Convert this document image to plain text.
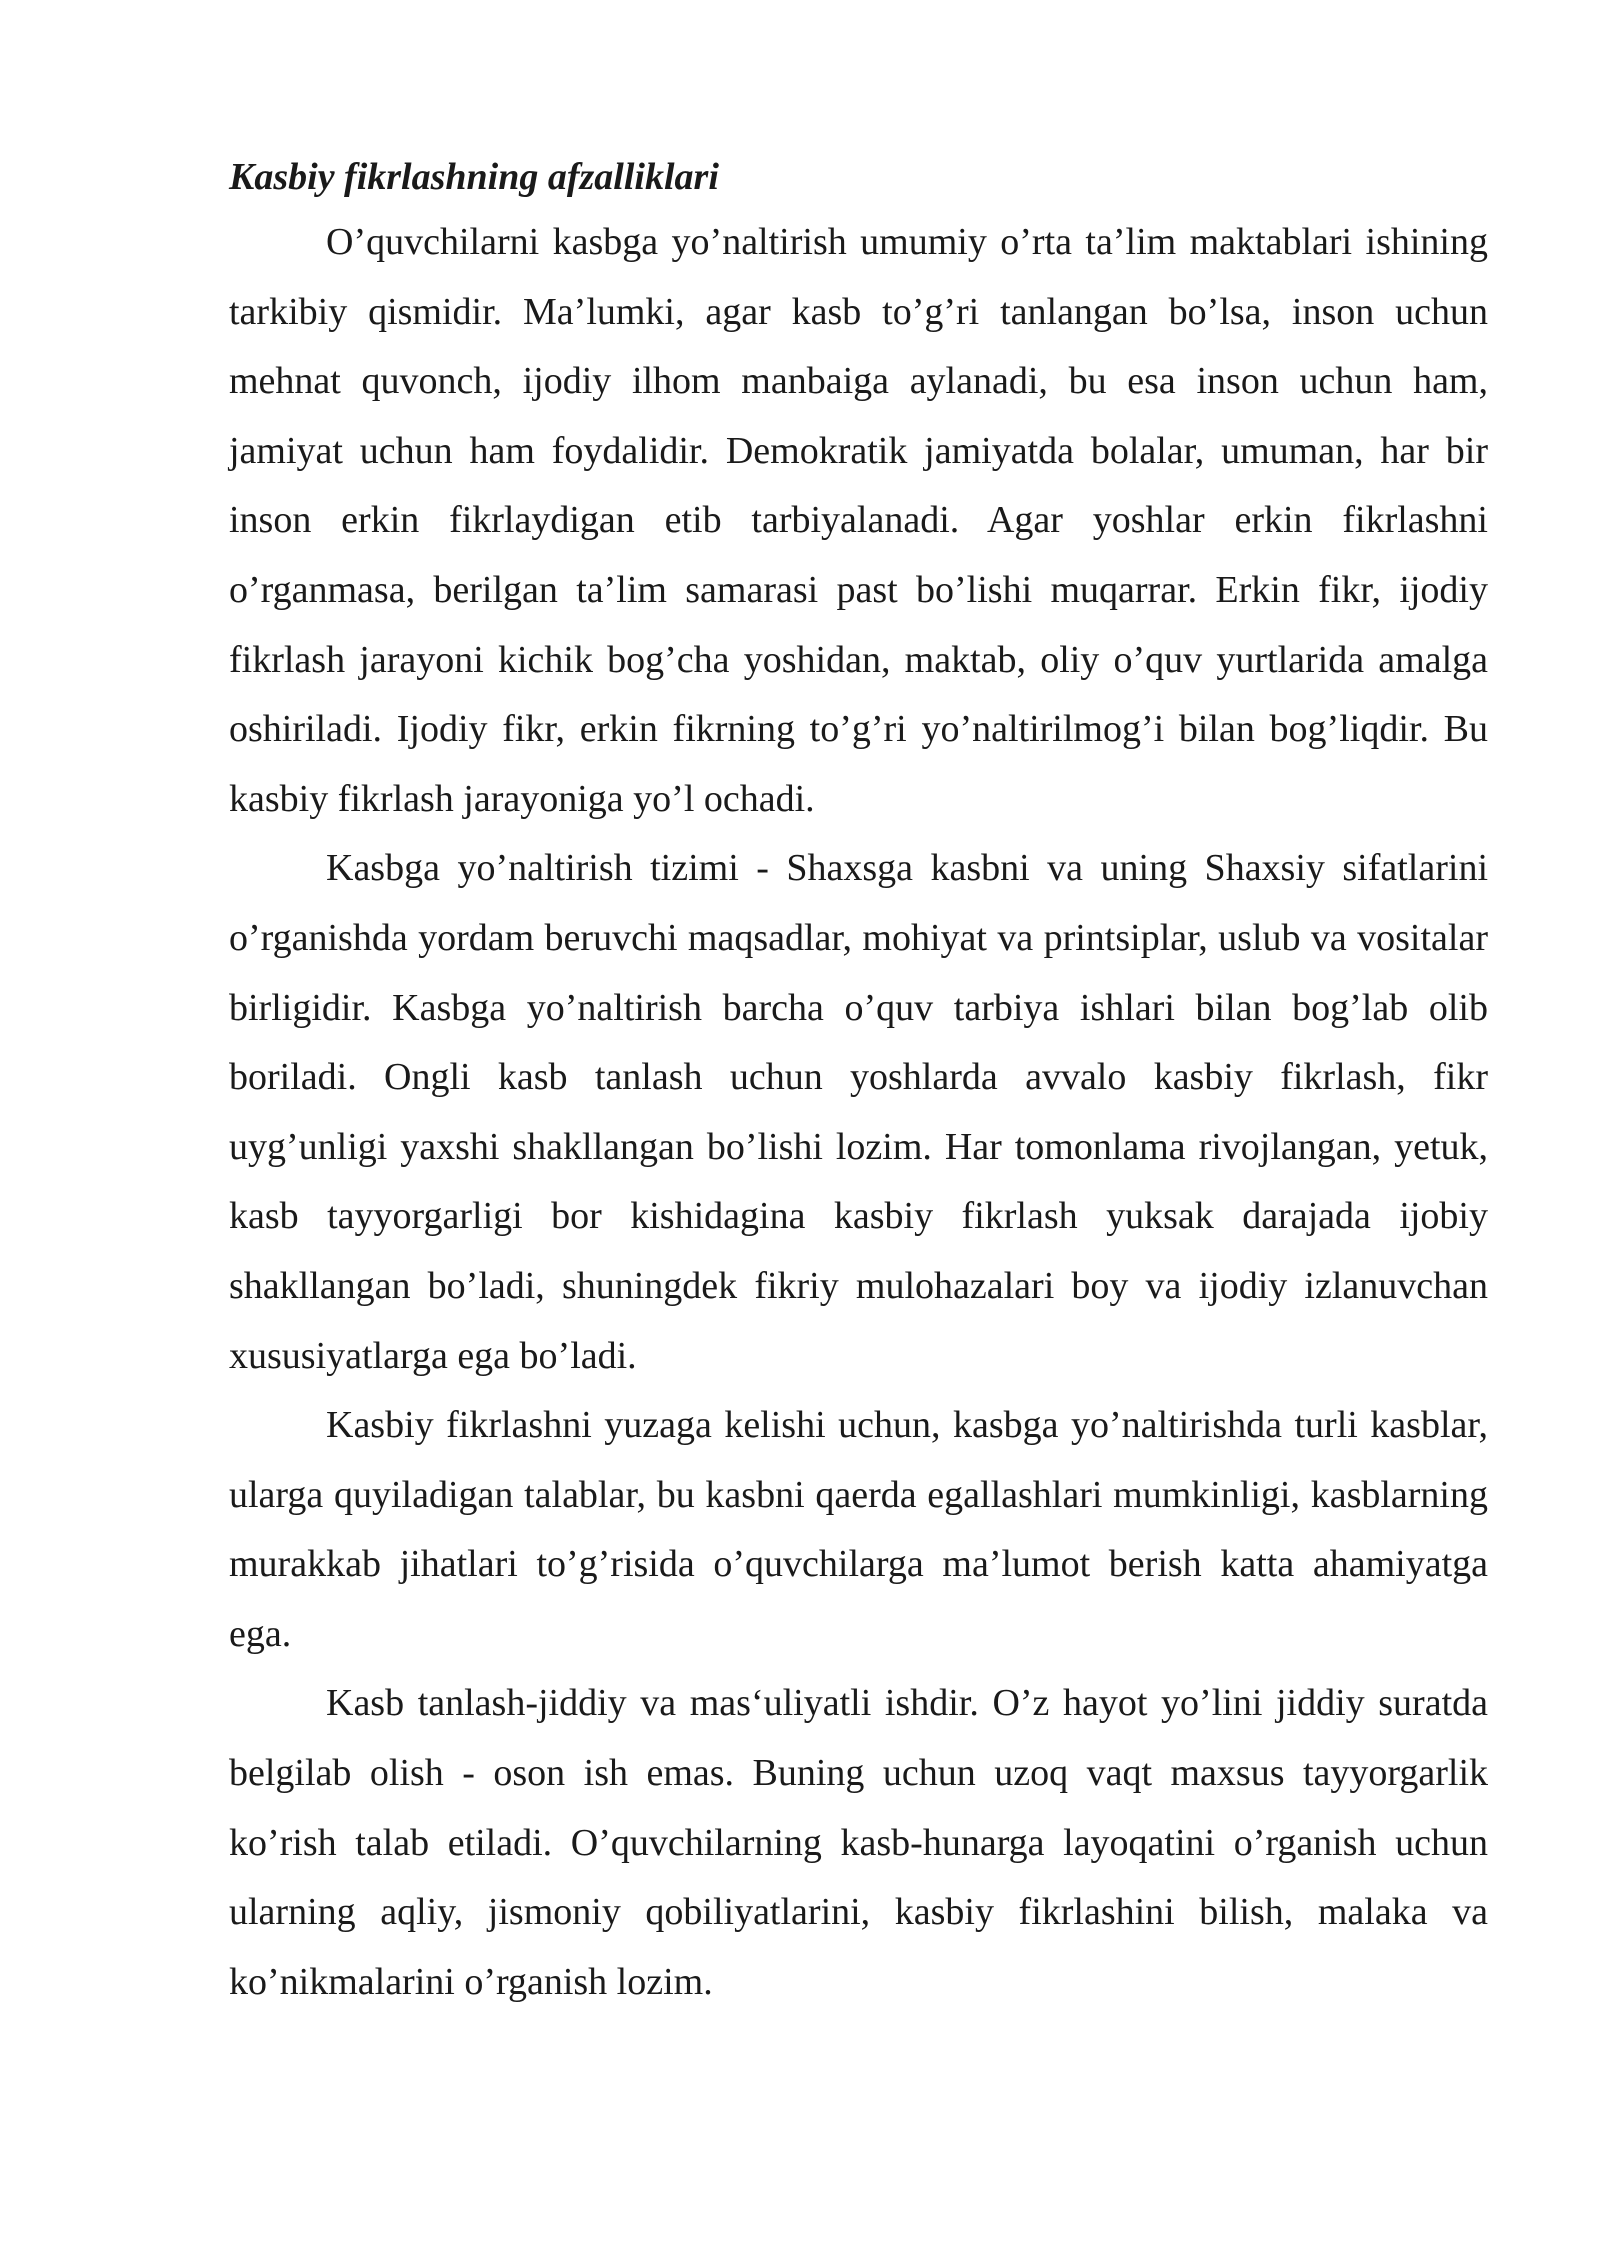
Kasbiy fikrlashning afzalliklari

O’quvchilarni kasbga yo’naltirish umumiy o’rta ta’lim maktablari ishining tarkibiy qismidir. Ma’lumki, agar kasb to’g’ri tanlangan bo’lsa, inson uchun mehnat quvonch, ijodiy ilhom manbaiga aylanadi, bu esa inson uchun ham, jamiyat uchun ham foydalidir. Demokratik jamiyatda bolalar, umuman, har bir inson erkin fikrlaydigan etib tarbiyalanadi. Agar yoshlar erkin fikrlashni o’rganmasa, berilgan ta’lim samarasi past bo’lishi muqarrar. Erkin fikr, ijodiy fikrlash jarayoni kichik bog’cha yoshidan, maktab, oliy o’quv yurtlarida amalga oshiriladi. Ijodiy fikr, erkin fikrning to’g’ri yo’naltirilmog’i bilan bog’liqdir. Bu kasbiy fikrlash jarayoniga yo’l ochadi.

Kasbga yo’naltirish tizimi - Shaxsga kasbni va uning Shaxsiy sifatlarini o’rganishda yordam beruvchi maqsadlar, mohiyat va printsiplar, uslub va vositalar birligidir. Kasbga yo’naltirish barcha o’quv tarbiya ishlari bilan bog’lab olib boriladi. Ongli kasb tanlash uchun yoshlarda avvalo kasbiy fikrlash, fikr uyg’unligi yaxshi shakllangan bo’lishi lozim. Har tomonlama rivojlangan, yetuk, kasb tayyorgarligi bor kishidagina kasbiy fikrlash yuksak darajada ijobiy shakllangan bo’ladi, shuningdek fikriy mulohazalari boy va ijodiy izlanuvchan xususiyatlarga ega bo’ladi.

Kasbiy fikrlashni yuzaga kelishi uchun, kasbga yo’naltirishda turli kasblar, ularga quyiladigan talablar, bu kasbni qaerda egallashlari mumkinligi, kasblarning murakkab jihatlari to’g’risida o’quvchilarga ma’lumot berish katta ahamiyatga ega.

Kasb tanlash-jiddiy va mas‘uliyatli ishdir. O’z hayot yo’lini jiddiy suratda belgilab olish - oson ish emas. Buning uchun uzoq vaqt maxsus tayyorgarlik ko’rish talab etiladi. O’quvchilarning kasb-hunarga layoqatini o’rganish uchun ularning aqliy, jismoniy qobiliyatlarini, kasbiy fikrlashini bilish, malaka va ko’nikmalarini o’rganish lozim.
